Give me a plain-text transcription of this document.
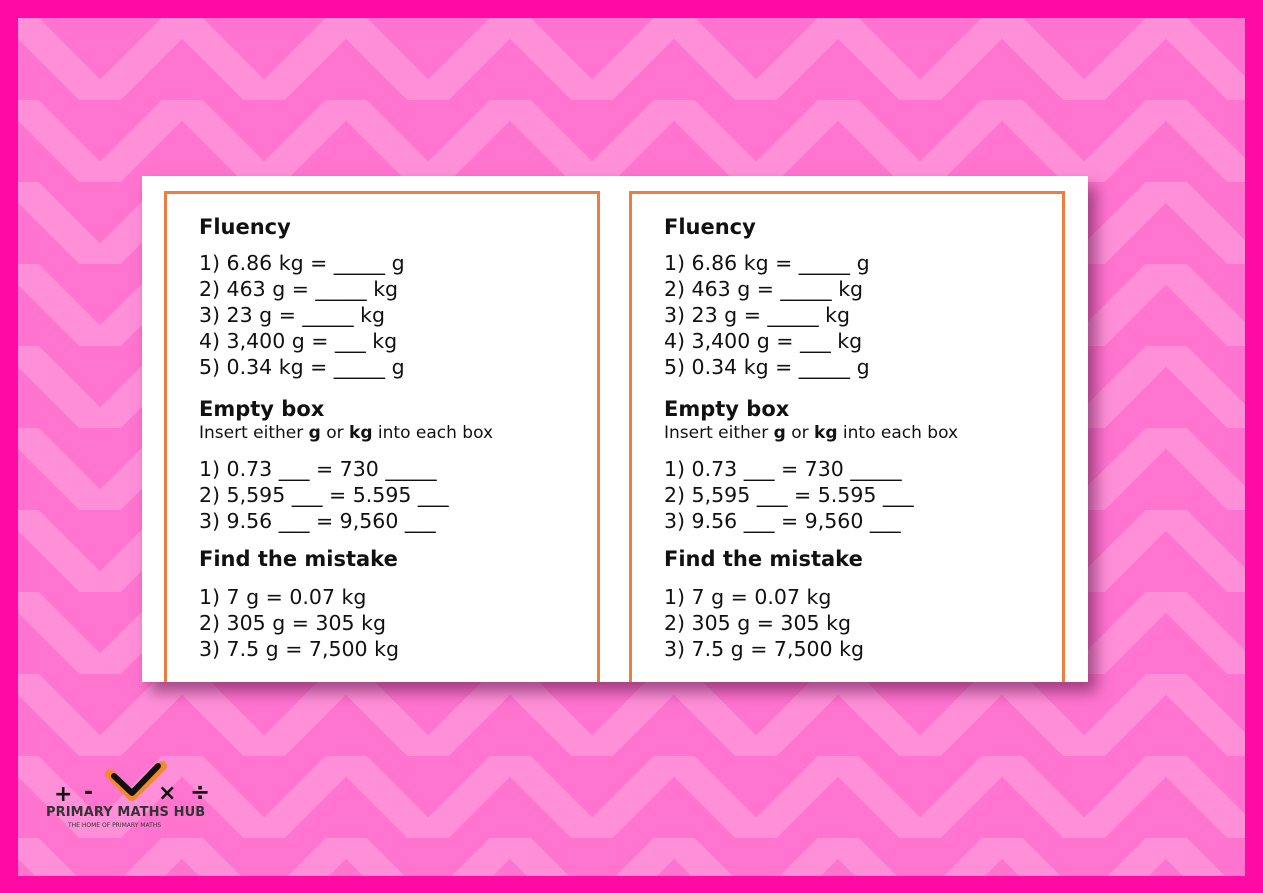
Fluency
1) 6.86 kg = _____ g
2) 463 g = _____ kg
3) 23 g = _____ kg
4) 3,400 g = ___ kg
5) 0.34 kg = _____ g
Empty box
Insert either g or kg into each box
1) 0.73 ___ = 730 _____
2) 5,595 ___ = 5.595 ___
3) 9.56 ___ = 9,560 ___
Find the mistake
1) 7 g = 0.07 kg
2) 305 g = 305 kg
3) 7.5 g = 7,500 kg
Fluency
1) 6.86 kg = _____ g
2) 463 g = _____ kg
3) 23 g = _____ kg
4) 3,400 g = ___ kg
5) 0.34 kg = _____ g
Empty box
Insert either g or kg into each box
1) 0.73 ___ = 730 _____
2) 5,595 ___ = 5.595 ___
3) 9.56 ___ = 9,560 ___
Find the mistake
1) 7 g = 0.07 kg
2) 305 g = 305 kg
3) 7.5 g = 7,500 kg
+ -	× ÷
PRIMARY MATHS HUB
THE HOME OF PRIMARY MATHS
